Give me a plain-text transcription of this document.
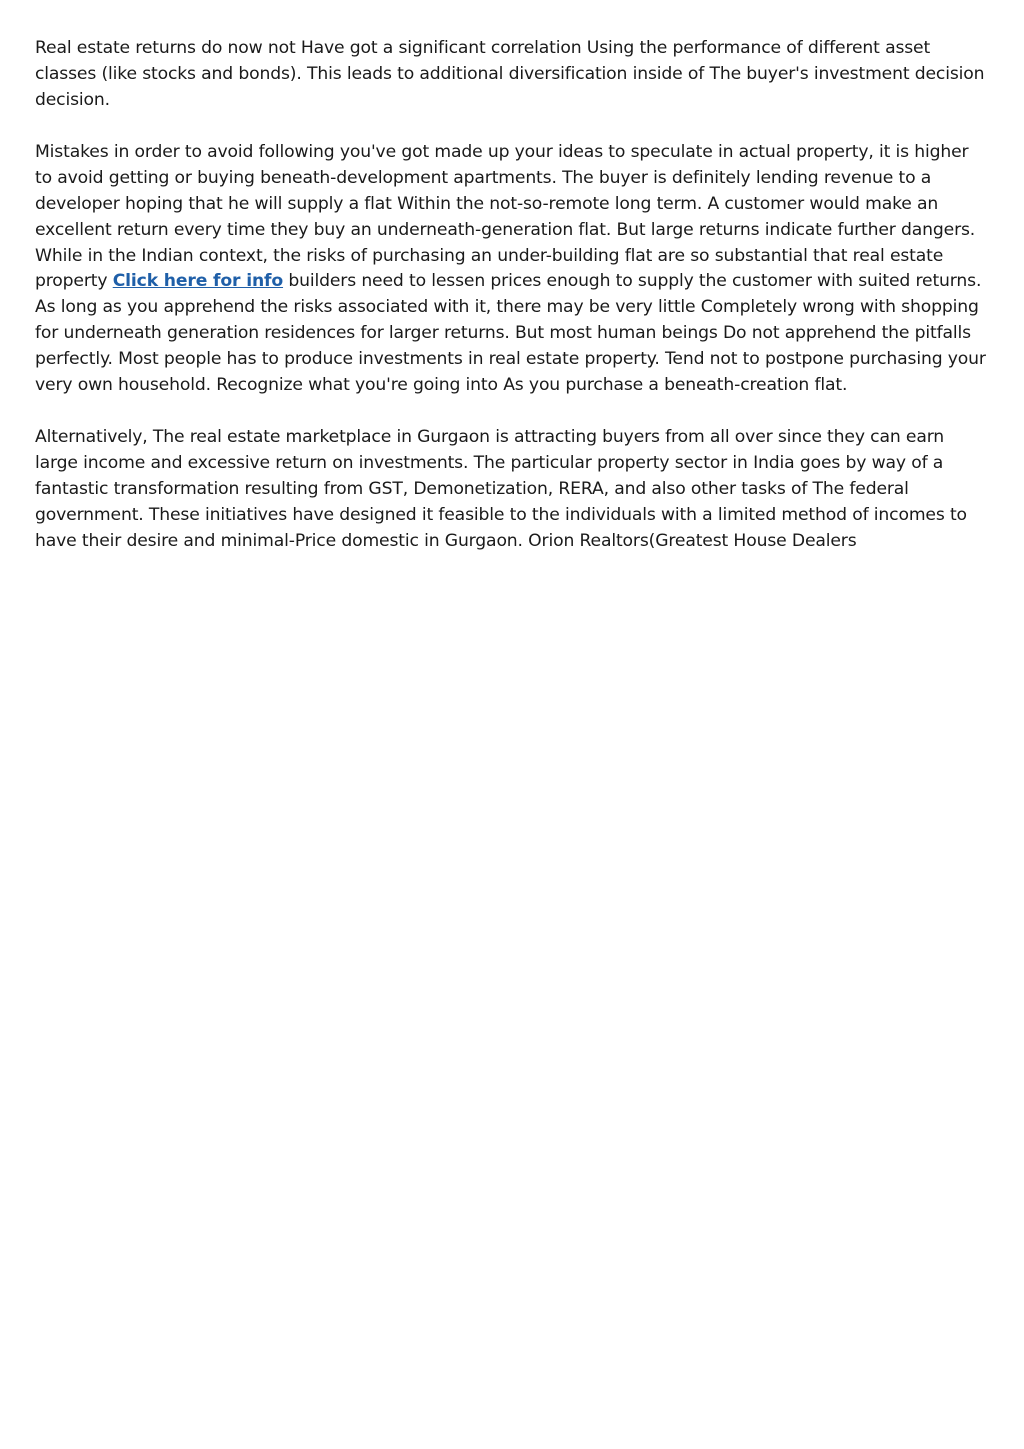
Real estate returns do now not Have got a significant correlation Using the performance of different asset classes (like stocks and bonds). This leads to additional diversification inside of The buyer's investment decision decision.

Mistakes in order to avoid following you've got made up your ideas to speculate in actual property, it is higher to avoid getting or buying beneath-development apartments. The buyer is definitely lending revenue to a developer hoping that he will supply a flat Within the not-so-remote long term. A customer would make an excellent return every time they buy an underneath-generation flat. But large returns indicate further dangers. While in the Indian context, the risks of purchasing an under-building flat are so substantial that real estate property Click here for info builders need to lessen prices enough to supply the customer with suited returns. As long as you apprehend the risks associated with it, there may be very little Completely wrong with shopping for underneath generation residences for larger returns. But most human beings Do not apprehend the pitfalls perfectly. Most people has to produce investments in real estate property. Tend not to postpone purchasing your very own household. Recognize what you're going into As you purchase a beneath-creation flat.

Alternatively, The real estate marketplace in Gurgaon is attracting buyers from all over since they can earn large income and excessive return on investments. The particular property sector in India goes by way of a fantastic transformation resulting from GST, Demonetization, RERA, and also other tasks of The federal government. These initiatives have designed it feasible to the individuals with a limited method of incomes to have their desire and minimal-Price domestic in Gurgaon. Orion Realtors(Greatest House Dealers
